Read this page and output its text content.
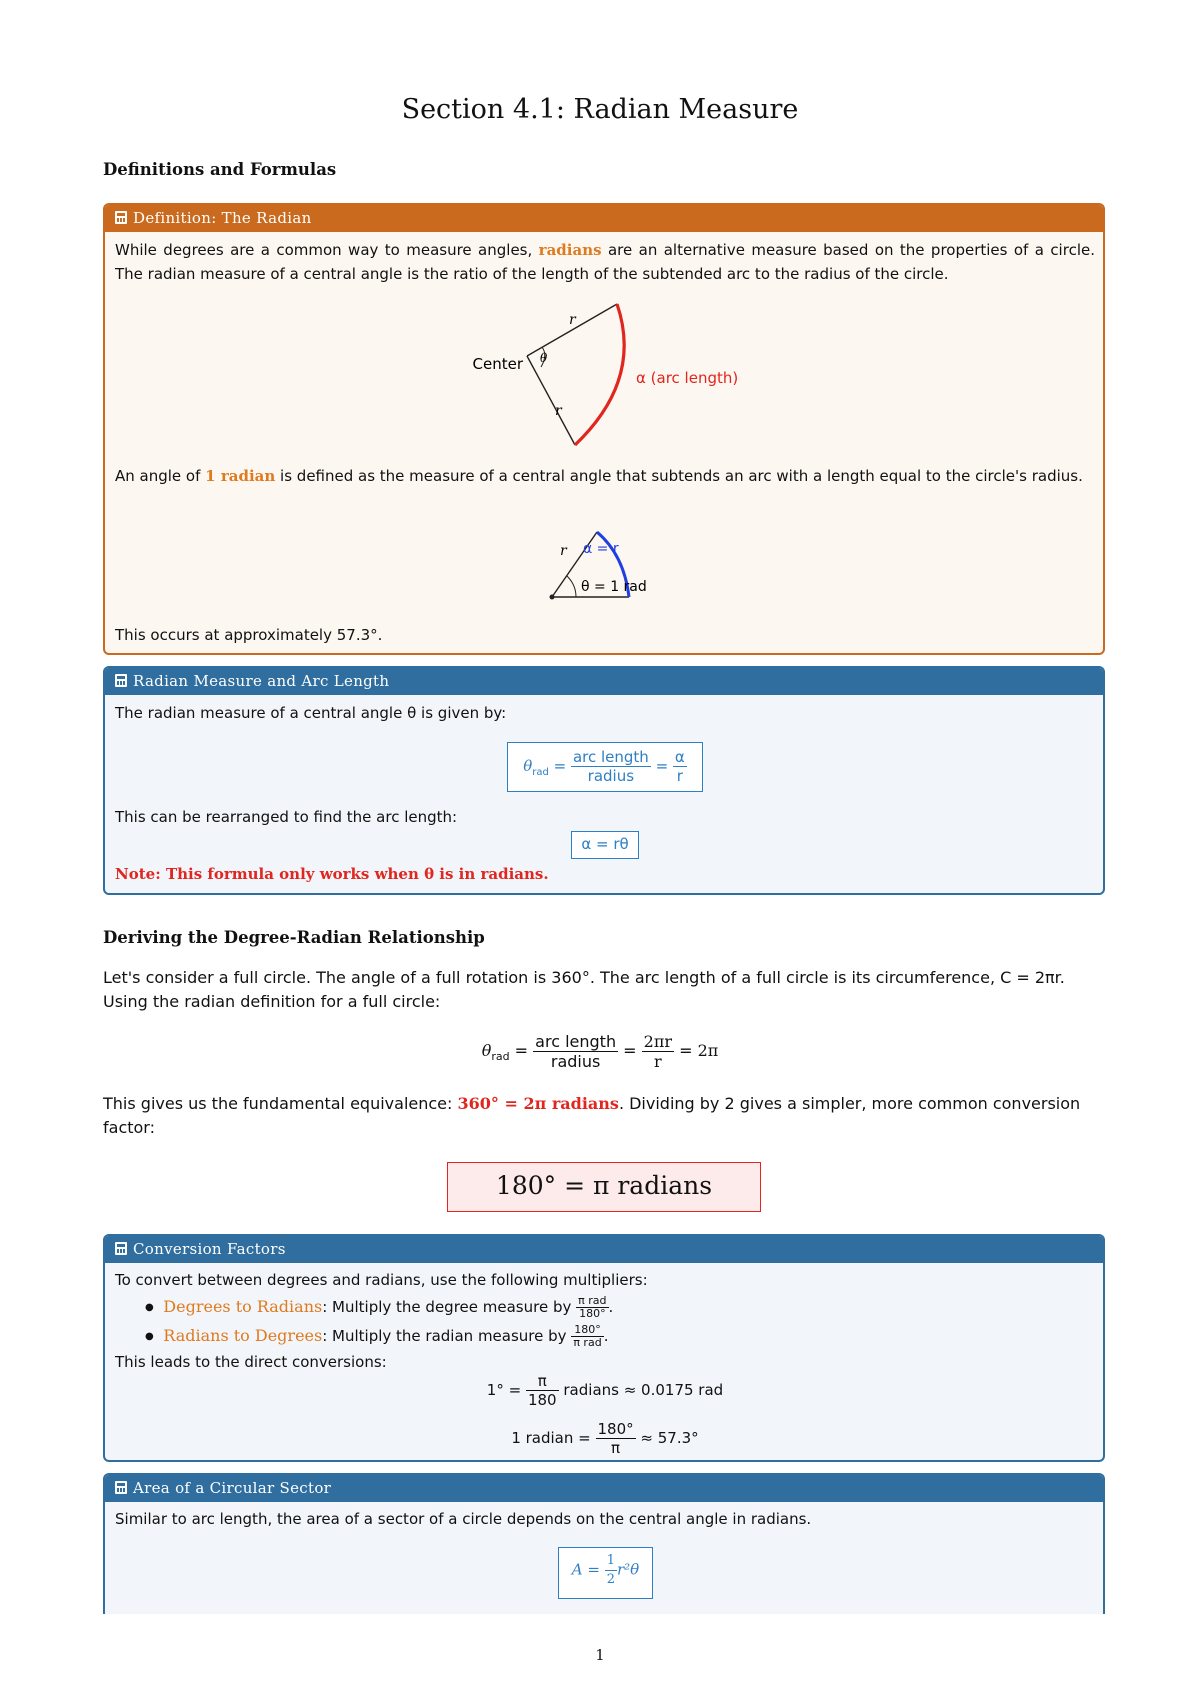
Section 4.1: Radian Measure
Definitions and Formulas
Definition: The Radian
While degrees are a common way to measure angles, radians are an alternative measure based on the properties of a circle. The radian measure of a central angle is the ratio of the length of the subtended arc to the radius of the circle.
Center
r
r
θ
α (arc length)
An angle of 1 radian is defined as the measure of a central angle that subtends an arc with a length equal to the circle's radius.
r α = r
θ = 1 rad
This occurs at approximately 57.3°.
Radian Measure and Arc Length
The radian measure of a central angle θ is given by:
$\theta_{rad} = \frac{\text{arc length}}{\text{radius}} = \frac{\alpha}{r}$
This can be rearranged to find the arc length:
α = rθ
Note: This formula only works when θ is in radians.
Deriving the Degree-Radian Relationship
Let's consider a full circle. The angle of a full rotation is 360°. The arc length of a full circle is its circumference, C = 2πr. Using the radian definition for a full circle:
$\theta_{rad} = \frac{\text{arc length}}{\text{radius}} = \frac{2\pi r}{r} = 2\pi$
This gives us the fundamental equivalence: 360° = 2π radians. Dividing by 2 gives a simpler, more common conversion factor:
180° = π radians
Conversion Factors
To convert between degrees and radians, use the following multipliers:
● Degrees to Radians: Multiply the degree measure by $\frac{\text{π rad}}{180^\circ}$ .
● Radians to Degrees: Multiply the radian measure by $\frac{180^\circ}{\text{π rad}}$ .
This leads to the direct conversions:
$1^\circ = \frac{\pi}{180}$ radians ≈ 0.0175 rad
1 radian = $\frac{180^\circ}{\pi} \approx 57.3^\circ$
Area of a Circular Sector
Similar to arc length, the area of a sector of a circle depends on the central angle in radians.
$A = \frac{1}{2} r^2\theta$
1
